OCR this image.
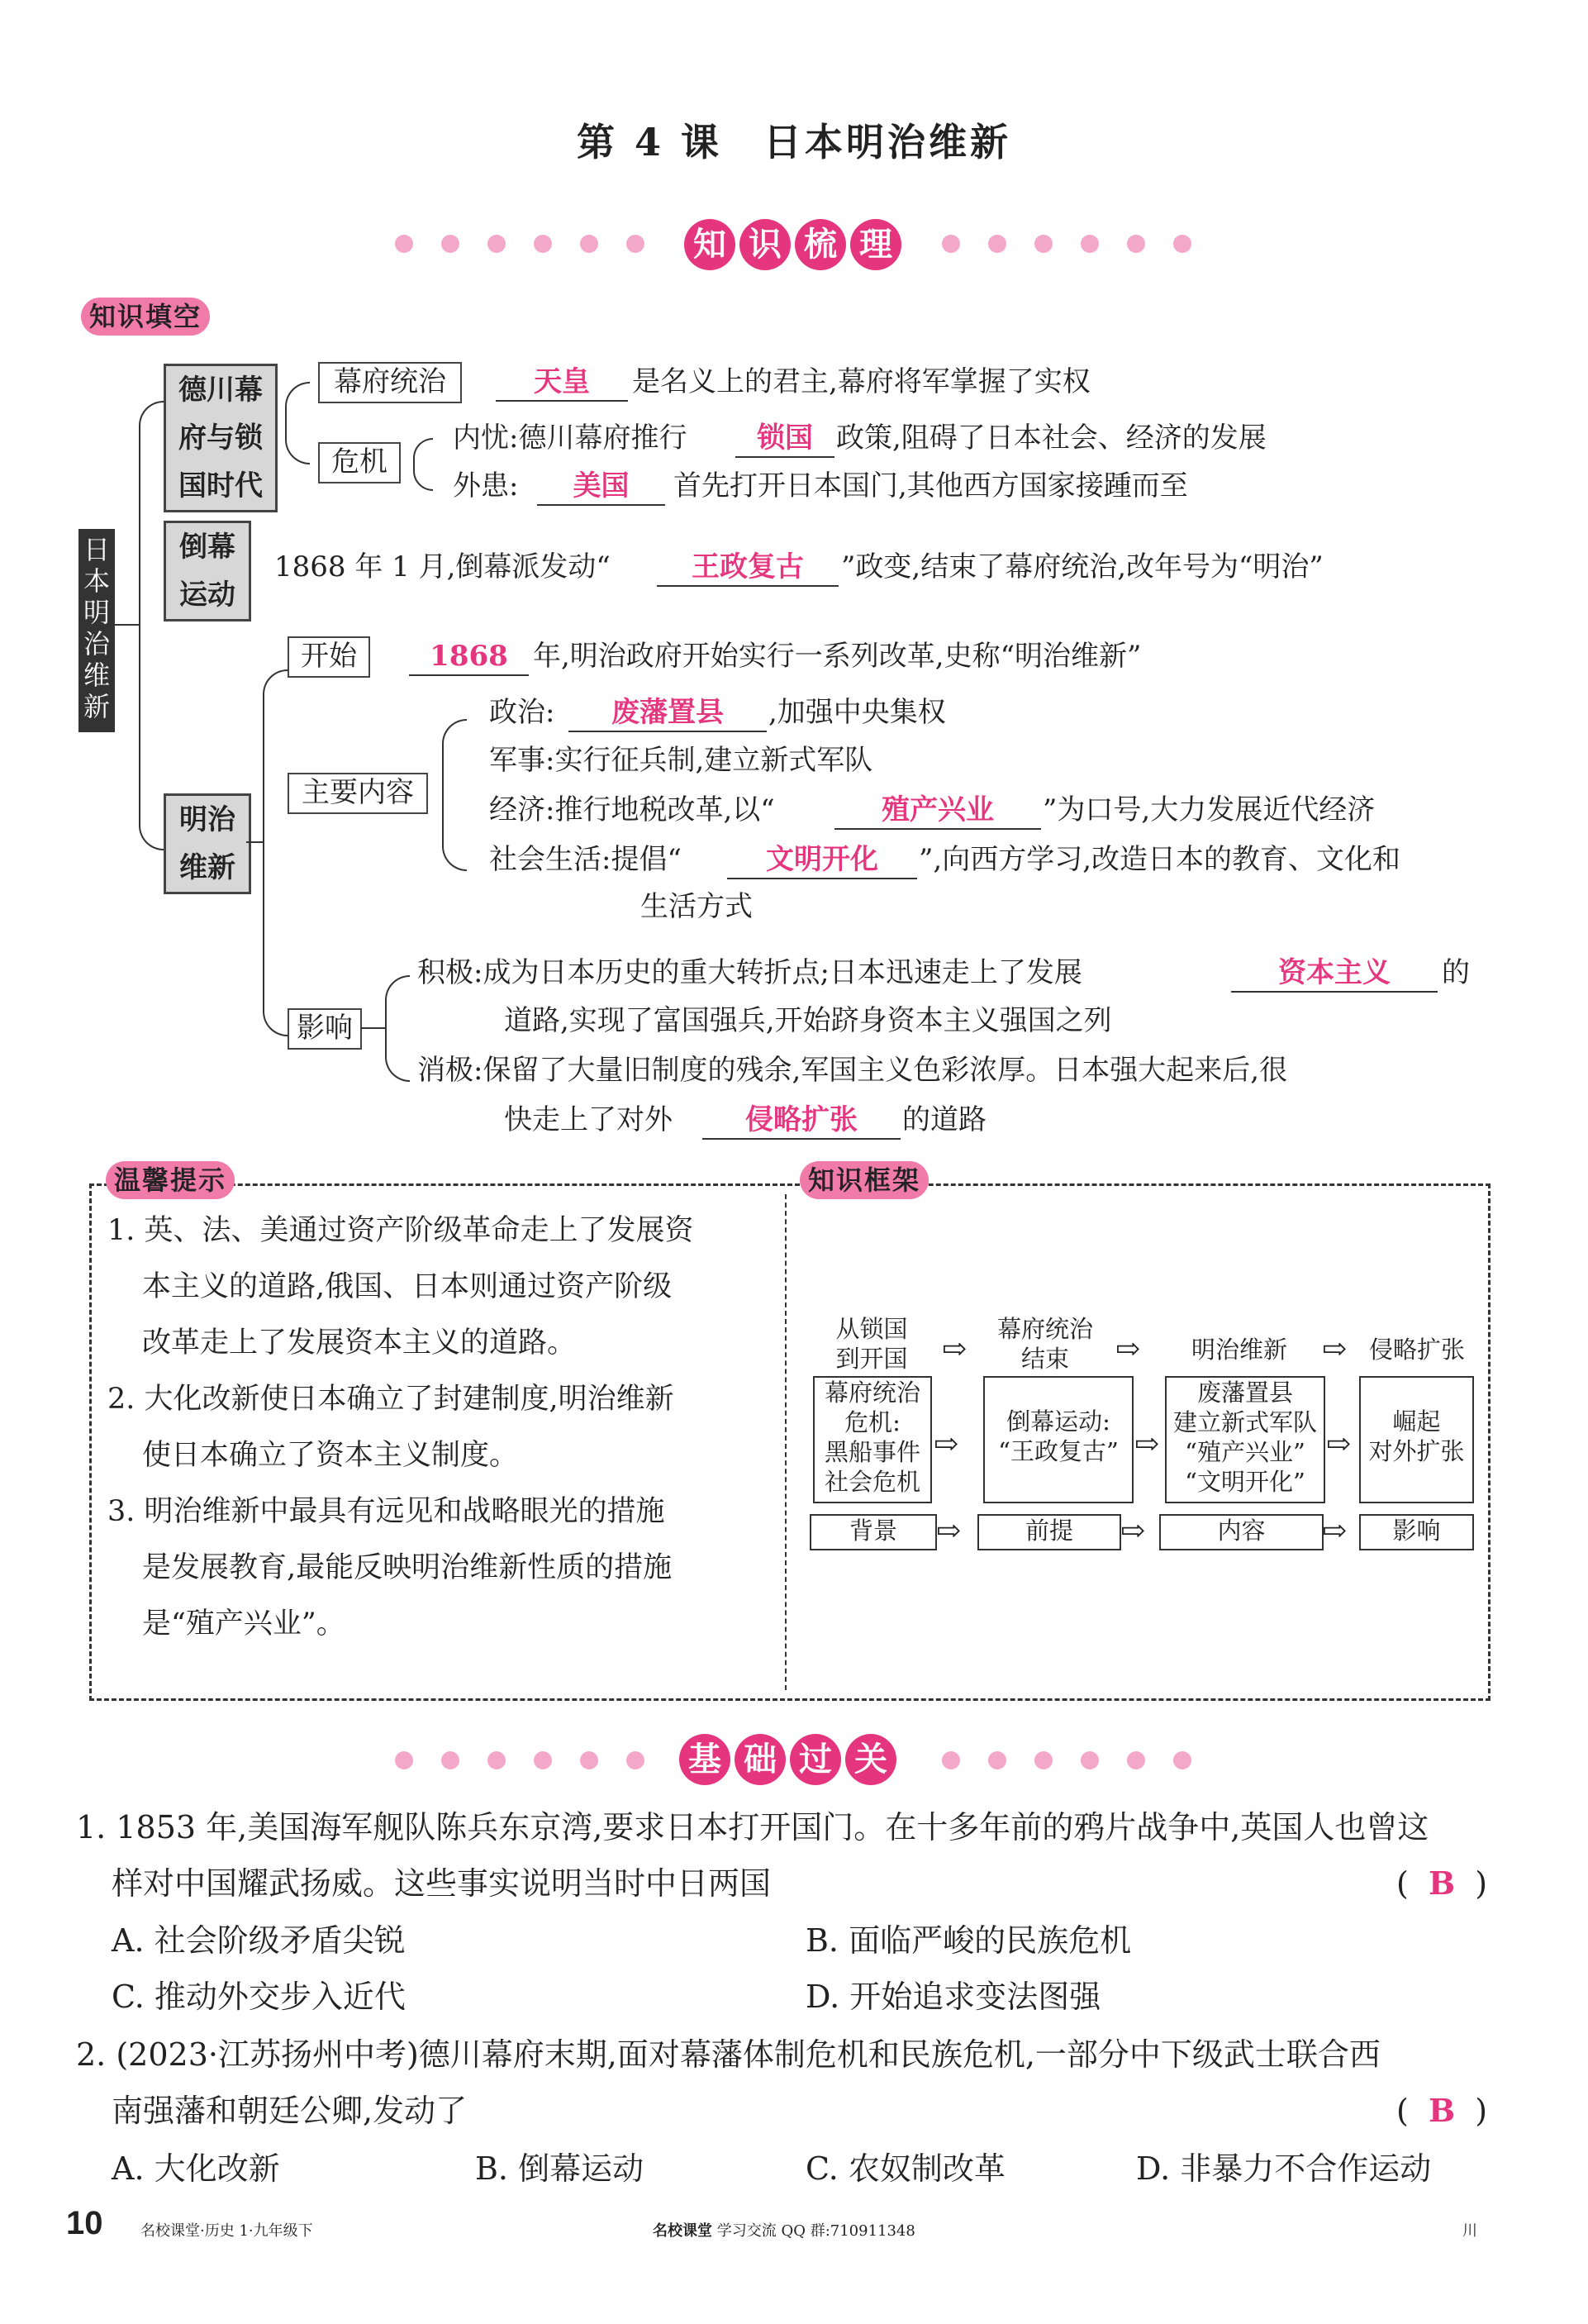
第 4 课　日本明治维新
知 识 梳 理
知识填空
日本明治维新
德川幕
府与锁
国时代
倒幕
运动
明治
维新
幕府统治
危机
天皇	是名义上的君主,幕府将军掌握了实权
内忧:德川幕府推行	锁国 政策,阻碍了日本社会、经济的发展
外患:	美国	首先打开日本国门,其他西方国家接踵而至
1868 年 1 月,倒幕派发动“	王政复古	”政变,结束了幕府统治,改年号为“明治”
开始	1868 年,明治政府开始实行一系列改革,史称“明治维新”
主要内容
政治:	废藩置县	,加强中央集权
军事:实行征兵制,建立新式军队
经济:推行地税改革,以“	殖产兴业	”为口号,大力发展近代经济
社会生活:提倡“	文明开化	”,向西方学习,改造日本的教育、文化和
生活方式
影响
积极:成为日本历史的重大转折点;日本迅速走上了发展	资本主义	的
道路,实现了富国强兵,开始跻身资本主义强国之列
消极:保留了大量旧制度的残余,军国主义色彩浓厚。日本强大起来后,很
快走上了对外	侵略扩张	的道路
温馨提示	知识框架
1. 英、法、美通过资产阶级革命走上了发展资
本主义的道路,俄国、日本则通过资产阶级
改革走上了发展资本主义的道路。
2. 大化改新使日本确立了封建制度,明治维新
使日本确立了资本主义制度。
3. 明治维新中最具有远见和战略眼光的措施
是发展教育,最能反映明治维新性质的措施
是“殖产兴业”。
从锁国
到开国	⇨
幕府统治
结束	⇨	明治维新	⇨ 侵略扩张
幕府统治
危机:
黑船事件
社会危机
⇨
倒幕运动:
“王政复古” ⇨
废藩置县
建立新式军队
“殖产兴业”
“文明开化”
⇨
崛起
对外扩张
背景	⇨	前提	⇨	内容	⇨	影响
基 础 过 关
1. 1853 年,美国海军舰队陈兵东京湾,要求日本打开国门。在十多年前的鸦片战争中,英国人也曾这
样对中国耀武扬威。这些事实说明当时中日两国	(  B  )
A. 社会阶级矛盾尖锐	B. 面临严峻的民族危机
C. 推动外交步入近代	D. 开始追求变法图强
2. (2023·江苏扬州中考)德川幕府末期,面对幕藩体制危机和民族危机,一部分中下级武士联合西
南强藩和朝廷公卿,发动了	(  B  )
A. 大化改新	B. 倒幕运动	C. 农奴制改革	D. 非暴力不合作运动
10	名校课堂·历史 1·九年级下	名校课堂 学习交流 QQ 群:710911348	川
